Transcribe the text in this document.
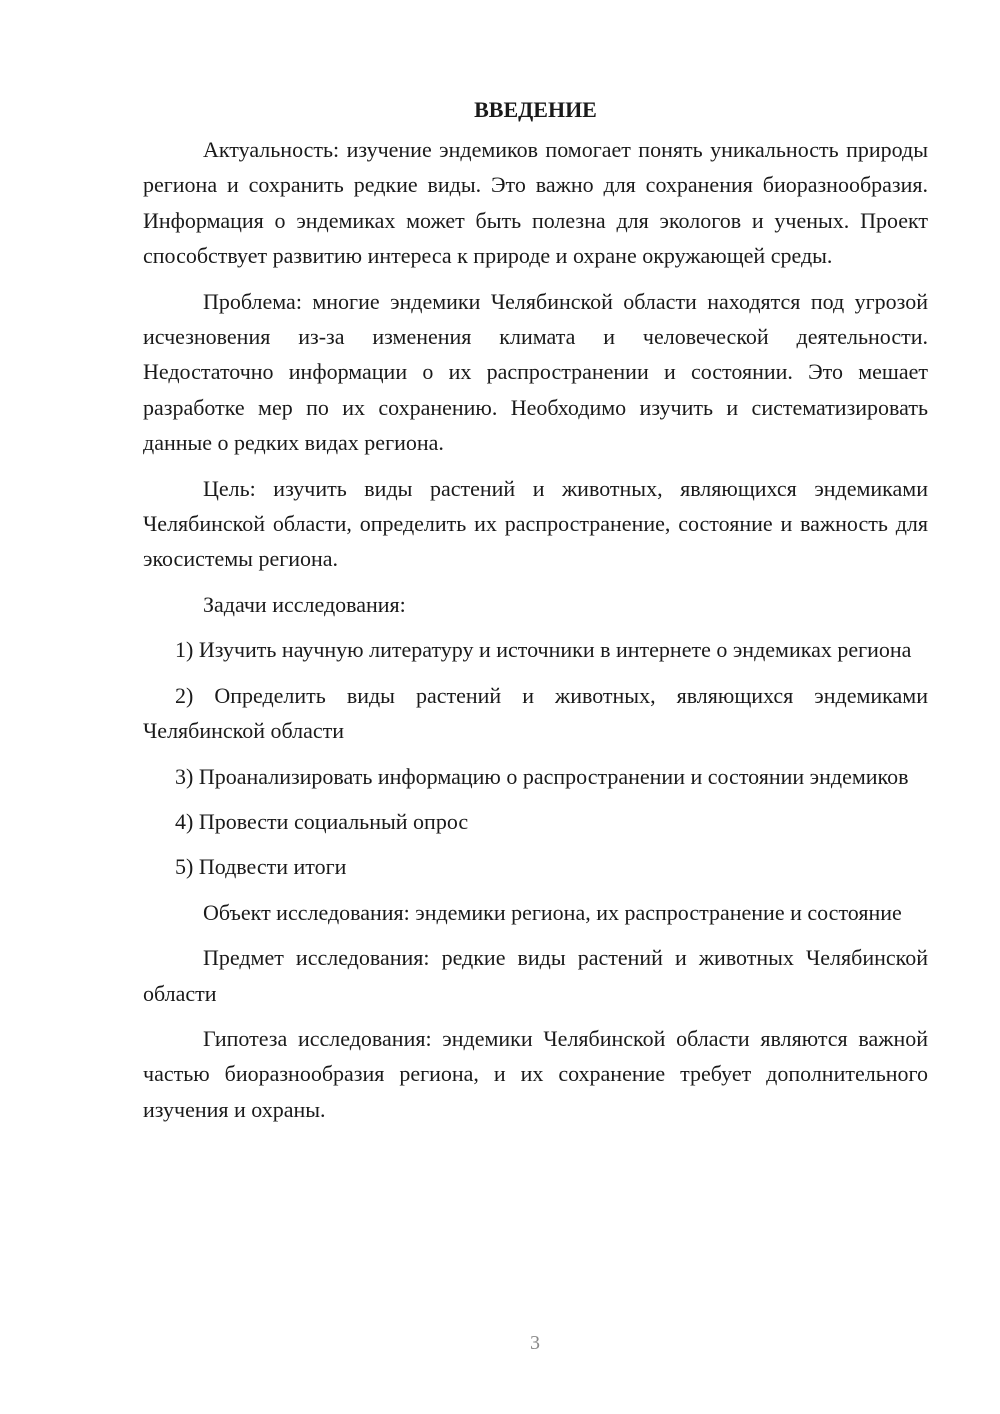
ВВЕДЕНИЕ

Актуальность: изучение эндемиков помогает понять уникальность природы региона и сохранить редкие виды. Это важно для сохранения биоразнообразия. Информация о эндемиках может быть полезна для экологов и ученых. Проект способствует развитию интереса к природе и охране окружающей среды.

Проблема: многие эндемики Челябинской области находятся под угрозой исчезновения из-за изменения климата и человеческой деятельности. Недостаточно информации о их распространении и состоянии. Это мешает разработке мер по их сохранению. Необходимо изучить и систематизировать данные о редких видах региона.

Цель: изучить виды растений и животных, являющихся эндемиками Челябинской области, определить их распространение, состояние и важность для экосистемы региона.

Задачи исследования:

1) Изучить научную литературу и источники в интернете о эндемиках региона

2) Определить виды растений и животных, являющихся эндемиками Челябинской области

3) Проанализировать информацию о распространении и состоянии эндемиков

4) Провести социальный опрос

5) Подвести итоги

Объект исследования: эндемики региона, их распространение и состояние

Предмет исследования: редкие виды растений и животных Челябинской области

Гипотеза исследования: эндемики Челябинской области являются важной частью биоразнообразия региона, и их сохранение требует дополнительного изучения и охраны.

3
